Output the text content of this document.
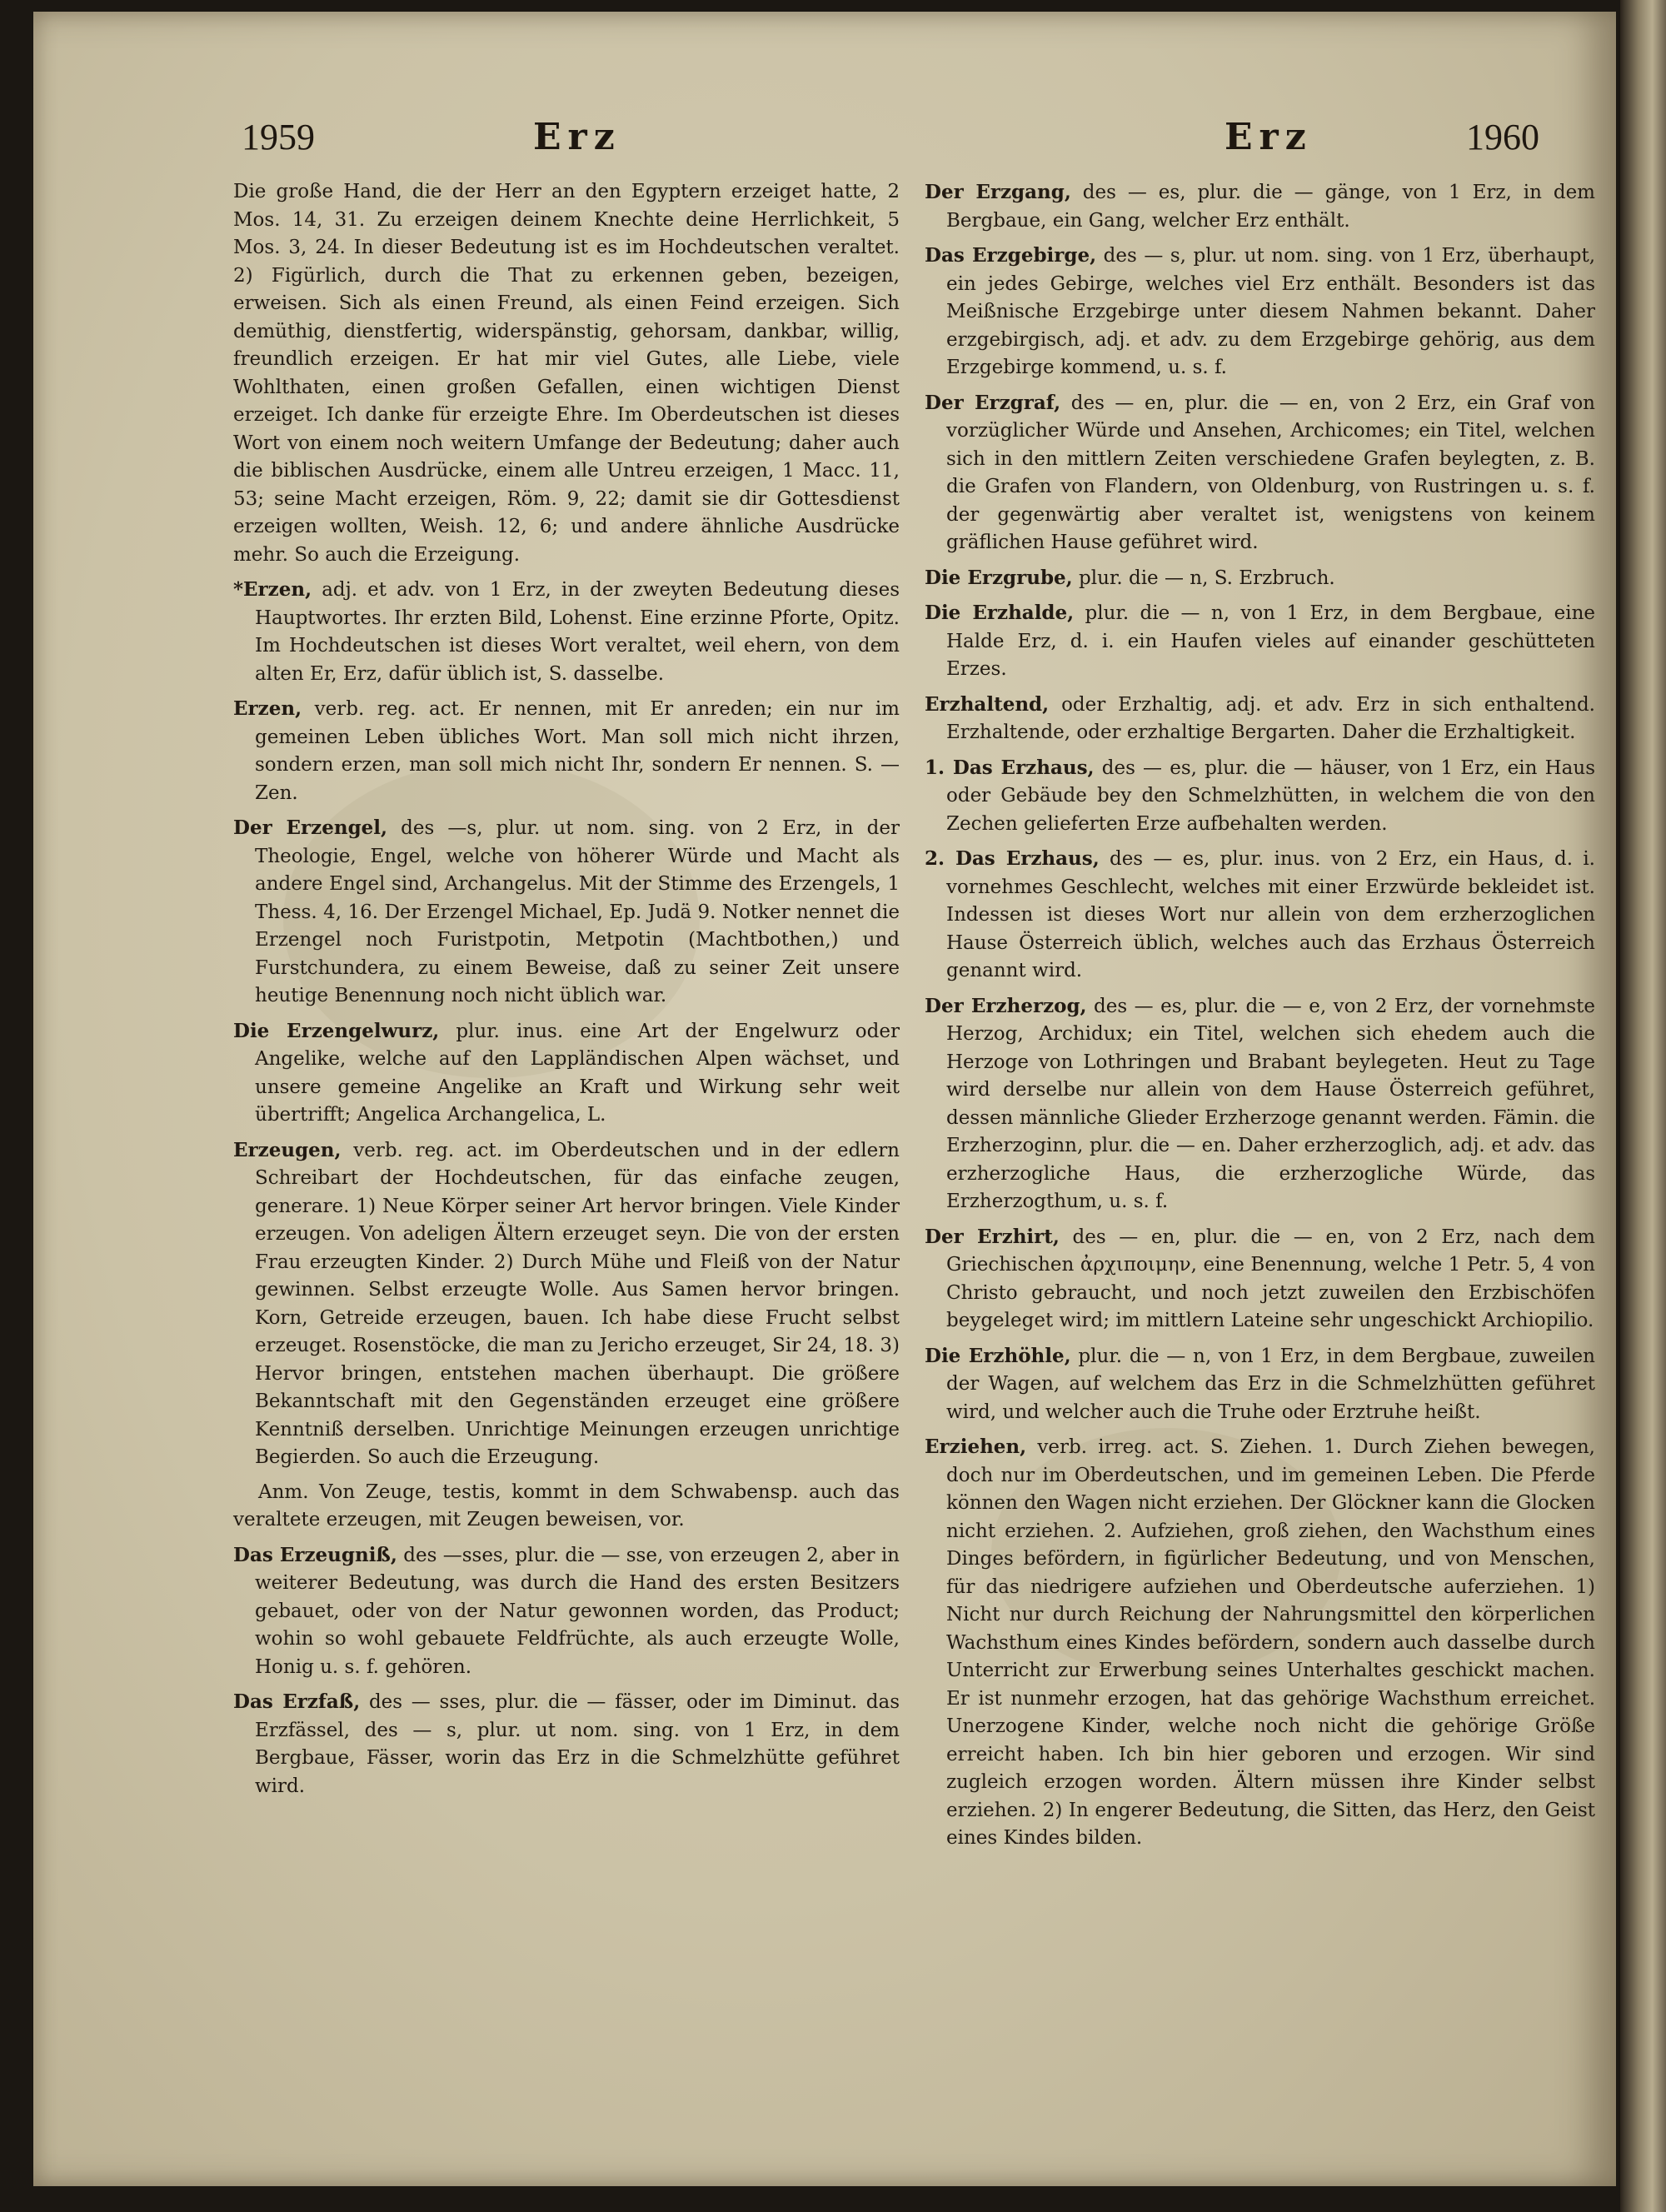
1959	Erz	Erz	1960

Die große Hand, die der Herr an den Egyptern erzeiget hatte, 2 Mos. 14, 31. Zu erzeigen deinem Knechte deine Herrlichkeit, 5 Mos. 3, 24. In dieser Bedeutung ist es im Hochdeutschen veraltet. 2) Figürlich, durch die That zu erkennen geben, bezeigen, erweisen. Sich als einen Freund, als einen Feind erzeigen. Sich demüthig, dienstfertig, widerspänstig, gehorsam, dankbar, willig, freundlich erzeigen. Er hat mir viel Gutes, alle Liebe, viele Wohlthaten, einen großen Gefallen, einen wichtigen Dienst erzeiget. Ich danke für erzeigte Ehre. Im Oberdeutschen ist dieses Wort von einem noch weitern Umfange der Bedeutung; daher auch die biblischen Ausdrücke, einem alle Untreu erzeigen, 1 Macc. 11, 53; seine Macht erzeigen, Röm. 9, 22; damit sie dir Gottesdienst erzeigen wollten, Weish. 12, 6; und andere ähnliche Ausdrücke mehr. So auch die Erzeigung.

*Erzen, adj. et adv. von 1 Erz, in der zweyten Bedeutung dieses Hauptwortes. Ihr erzten Bild, Lohenst. Eine erzinne Pforte, Opitz. Im Hochdeutschen ist dieses Wort veraltet, weil ehern, von dem alten Er, Erz, dafür üblich ist, S. dasselbe.

Erzen, verb. reg. act. Er nennen, mit Er anreden; ein nur im gemeinen Leben übliches Wort. Man soll mich nicht ihrzen, sondern erzen, man soll mich nicht Ihr, sondern Er nennen. S. — Zen.

Der Erzengel, des —s, plur. ut nom. sing. von 2 Erz, in der Theologie, Engel, welche von höherer Würde und Macht als andere Engel sind, Archangelus. Mit der Stimme des Erzengels, 1 Thess. 4, 16. Der Erzengel Michael, Ep. Judä 9. Notker nennet die Erzengel noch Furistpotin, Metpotin (Machtbothen,) und Furstchundera, zu einem Beweise, daß zu seiner Zeit unsere heutige Benennung noch nicht üblich war.

Die Erzengelwurz, plur. inus. eine Art der Engelwurz oder Angelike, welche auf den Lappländischen Alpen wächset, und unsere gemeine Angelike an Kraft und Wirkung sehr weit übertrifft; Angelica Archangelica, L.

Erzeugen, verb. reg. act. im Oberdeutschen und in der edlern Schreibart der Hochdeutschen, für das einfache zeugen, generare. 1) Neue Körper seiner Art hervor bringen. Viele Kinder erzeugen. Von adeligen Ältern erzeuget seyn. Die von der ersten Frau erzeugten Kinder. 2) Durch Mühe und Fleiß von der Natur gewinnen. Selbst erzeugte Wolle. Aus Samen hervor bringen. Korn, Getreide erzeugen, bauen. Ich habe diese Frucht selbst erzeuget. Rosenstöcke, die man zu Jericho erzeuget, Sir 24, 18. 3) Hervor bringen, entstehen machen überhaupt. Die größere Bekanntschaft mit den Gegenständen erzeuget eine größere Kenntniß derselben. Unrichtige Meinungen erzeugen unrichtige Begierden. So auch die Erzeugung.

Anm. Von Zeuge, testis, kommt in dem Schwabensp. auch das veraltete erzeugen, mit Zeugen beweisen, vor.

Das Erzeugniß, des —sses, plur. die — sse, von erzeugen 2, aber in weiterer Bedeutung, was durch die Hand des ersten Besitzers gebauet, oder von der Natur gewonnen worden, das Product; wohin so wohl gebauete Feldfrüchte, als auch erzeugte Wolle, Honig u. s. f. gehören.

Das Erzfaß, des — sses, plur. die — fässer, oder im Diminut. das Erzfässel, des — s, plur. ut nom. sing. von 1 Erz, in dem Bergbaue, Fässer, worin das Erz in die Schmelzhütte geführet wird.

Der Erzgang, des — es, plur. die — gänge, von 1 Erz, in dem Bergbaue, ein Gang, welcher Erz enthält.

Das Erzgebirge, des — s, plur. ut nom. sing. von 1 Erz, überhaupt, ein jedes Gebirge, welches viel Erz enthält. Besonders ist das Meißnische Erzgebirge unter diesem Nahmen bekannt. Daher erzgebirgisch, adj. et adv. zu dem Erzgebirge gehörig, aus dem Erzgebirge kommend, u. s. f.

Der Erzgraf, des — en, plur. die — en, von 2 Erz, ein Graf von vorzüglicher Würde und Ansehen, Archicomes; ein Titel, welchen sich in den mittlern Zeiten verschiedene Grafen beylegten, z. B. die Grafen von Flandern, von Oldenburg, von Rustringen u. s. f. der gegenwärtig aber veraltet ist, wenigstens von keinem gräflichen Hause geführet wird.

Die Erzgrube, plur. die — n, S. Erzbruch.

Die Erzhalde, plur. die — n, von 1 Erz, in dem Bergbaue, eine Halde Erz, d. i. ein Haufen vieles auf einander geschütteten Erzes.

Erzhaltend, oder Erzhaltig, adj. et adv. Erz in sich enthaltend. Erzhaltende, oder erzhaltige Bergarten. Daher die Erzhaltigkeit.

1. Das Erzhaus, des — es, plur. die — häuser, von 1 Erz, ein Haus oder Gebäude bey den Schmelzhütten, in welchem die von den Zechen gelieferten Erze aufbehalten werden.

2. Das Erzhaus, des — es, plur. inus. von 2 Erz, ein Haus, d. i. vornehmes Geschlecht, welches mit einer Erzwürde bekleidet ist. Indessen ist dieses Wort nur allein von dem erzherzoglichen Hause Österreich üblich, welches auch das Erzhaus Österreich genannt wird.

Der Erzherzog, des — es, plur. die — e, von 2 Erz, der vornehmste Herzog, Archidux; ein Titel, welchen sich ehedem auch die Herzoge von Lothringen und Brabant beylegeten. Heut zu Tage wird derselbe nur allein von dem Hause Österreich geführet, dessen männliche Glieder Erzherzoge genannt werden. Fämin. die Erzherzoginn, plur. die — en. Daher erzherzoglich, adj. et adv. das erzherzogliche Haus, die erzherzogliche Würde, das Erzherzogthum, u. s. f.

Der Erzhirt, des — en, plur. die — en, von 2 Erz, nach dem Griechischen ἀρχιποιμην, eine Benennung, welche 1 Petr. 5, 4 von Christo gebraucht, und noch jetzt zuweilen den Erzbischöfen beygeleget wird; im mittlern Lateine sehr ungeschickt Archiopilio.

Die Erzhöhle, plur. die — n, von 1 Erz, in dem Bergbaue, zuweilen der Wagen, auf welchem das Erz in die Schmelzhütten geführet wird, und welcher auch die Truhe oder Erztruhe heißt.

Erziehen, verb. irreg. act. S. Ziehen. 1. Durch Ziehen bewegen, doch nur im Oberdeutschen, und im gemeinen Leben. Die Pferde können den Wagen nicht erziehen. Der Glöckner kann die Glocken nicht erziehen. 2. Aufziehen, groß ziehen, den Wachsthum eines Dinges befördern, in figürlicher Bedeutung, und von Menschen, für das niedrigere aufziehen und Oberdeutsche auferziehen. 1) Nicht nur durch Reichung der Nahrungsmittel den körperlichen Wachsthum eines Kindes befördern, sondern auch dasselbe durch Unterricht zur Erwerbung seines Unterhaltes geschickt machen. Er ist nunmehr erzogen, hat das gehörige Wachsthum erreichet. Unerzogene Kinder, welche noch nicht die gehörige Größe erreicht haben. Ich bin hier geboren und erzogen. Wir sind zugleich erzogen worden. Ältern müssen ihre Kinder selbst erziehen. 2) In engerer Bedeutung, die Sitten, das Herz, den Geist eines Kindes bilden.
